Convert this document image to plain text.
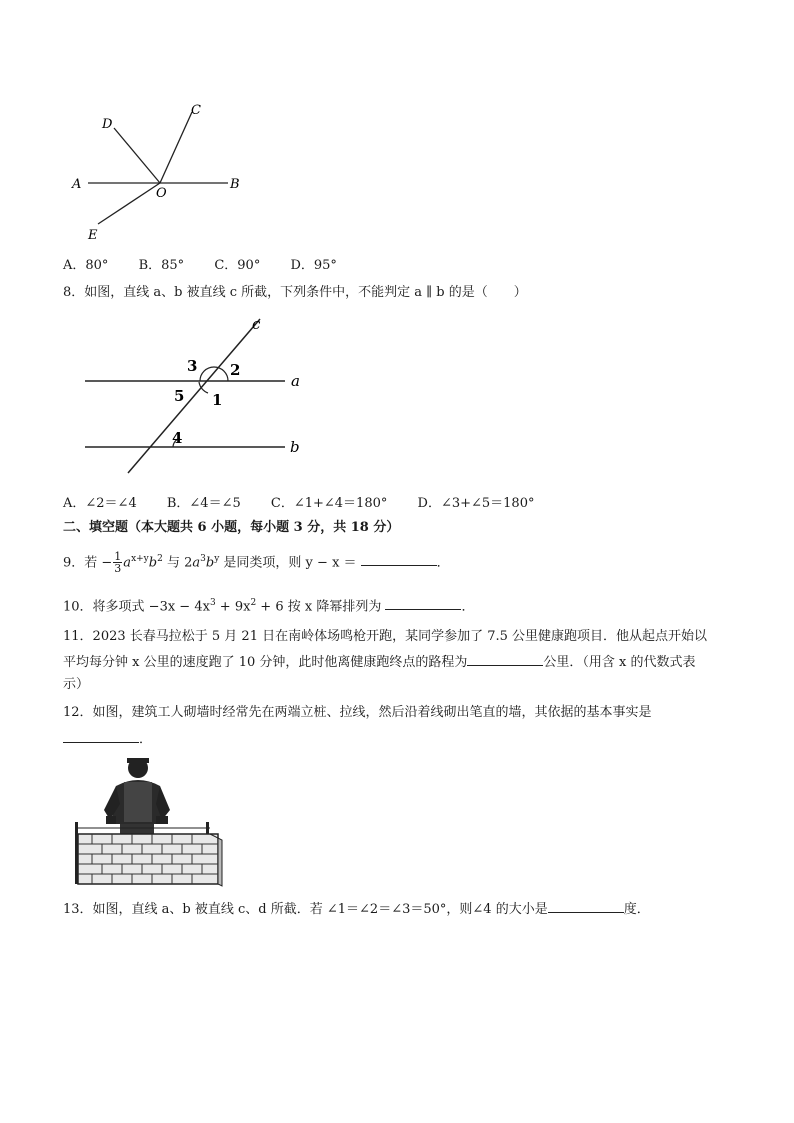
D
C
A
O
B
E
A．80° B．85° C．90° D．95°
8．如图，直线 a、b 被直线 c 所截，下列条件中，不能判定 a ∥ b 的是（　　）
c
3 2
a
5 1
4	b
A．∠2＝∠4 B．∠4＝∠5 C．∠1+∠4＝180° D．∠3+∠5＝180°
二、填空题（本大题共 6 小题，每小题 3 分，共 18 分）
9．若 − $\frac{1}{3} a^{x+y}b^2$ 与 $2a^3b^y$ 是同类项，则 y − x ＝	．
10．将多项式 $-3x - 4x^3 + 9x^2 + 6$ 按 x 降幂排列为	．
11．2023 长春马拉松于 5 月 21 日在南岭体场鸣枪开跑，某同学参加了 7.5 公里健康跑项目．他从起点开始以
平均每分钟 x 公里的速度跑了 10 分钟，此时他离健康跑终点的路程为	公里．（用含 x 的代数式表
示）
12．如图，建筑工人砌墙时经常先在两端立桩、拉线，然后沿着线砌出笔直的墙，其依据的基本事实是
．
13．如图，直线 a、b 被直线 c、d 所截．若 ∠1＝∠2＝∠3＝50°，则∠4 的大小是	度．
